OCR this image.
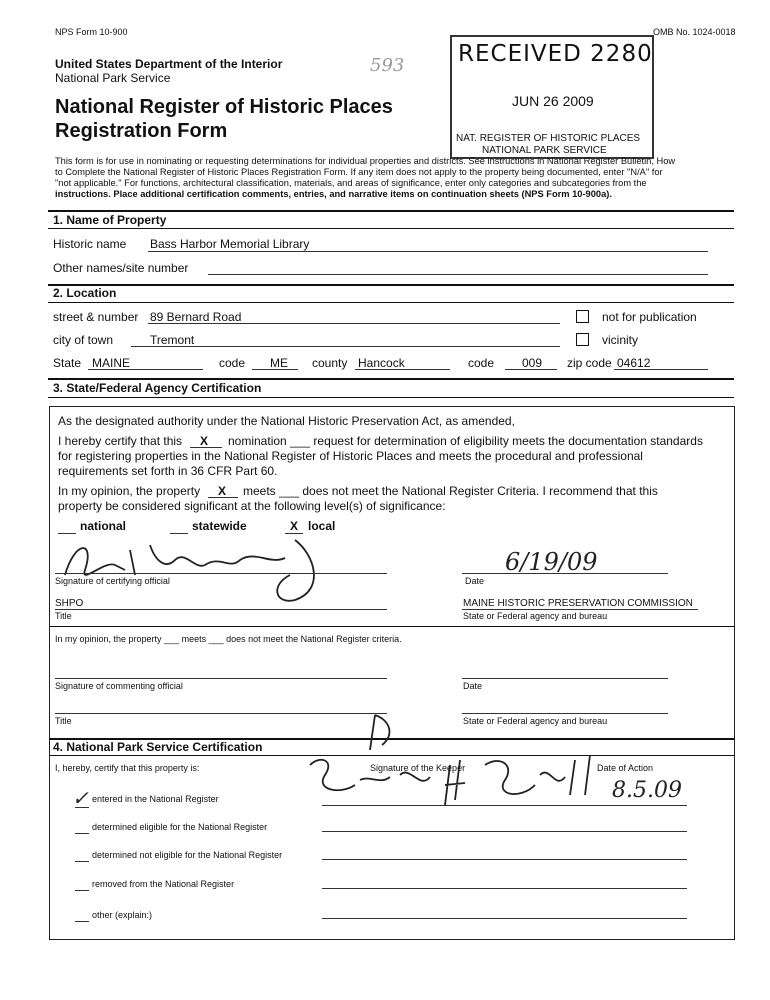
NPS Form 10-900	OMB No. 1024-0018
United States Department of the Interior
National Park Service
National Register of Historic Places
Registration Form
593 RECEIVED 2280
JUN 26 2009
NAT. REGISTER OF HISTORIC PLACES
NATIONAL PARK SERVICE
This form is for use in nominating or requesting determinations for individual properties and districts. See instructions in National Register Bulletin, How
to Complete the National Register of Historic Places Registration Form. If any item does not apply to the property being documented, enter "N/A" for
"not applicable." For functions, architectural classification, materials, and areas of significance, enter only categories and subcategories from the
instructions. Place additional certification comments, entries, and narrative items on continuation sheets (NPS Form 10-900a).
1. Name of Property
Historic name Bass Harbor Memorial Library
Other names/site number
2. Location
street & number 89 Bernard Road	not for publication
city of town	Tremont	vicinity
State MAINE	code ME county Hancock	code 009 zip code 04612
3. State/Federal Agency Certification
As the designated authority under the National Historic Preservation Act, as amended,
I hereby certify that this X nomination ___ request for determination of eligibility meets the documentation standards
for registering properties in the National Register of Historic Places and meets the procedural and professional
requirements set forth in 36 CFR Part 60.
In my opinion, the property X meets ___ does not meet the National Register Criteria. I recommend that this
property be considered significant at the following level(s) of significance:
national	statewide	X local
Signature of certifying official
6/19/09
Date
SHPO
Title
MAINE HISTORIC PRESERVATION COMMISSION
State or Federal agency and bureau
In my opinion, the property ___ meets ___ does not meet the National Register criteria.
Signature of commenting official	Date
Title	State or Federal agency and bureau
4. National Park Service Certification
I, hereby, certify that this property is:	Signature of the Keeper	Date of Action
8.5.09
✓ entered in the National Register
determined eligible for the National Register
determined not eligible for the National Register
removed from the National Register
other (explain:)
